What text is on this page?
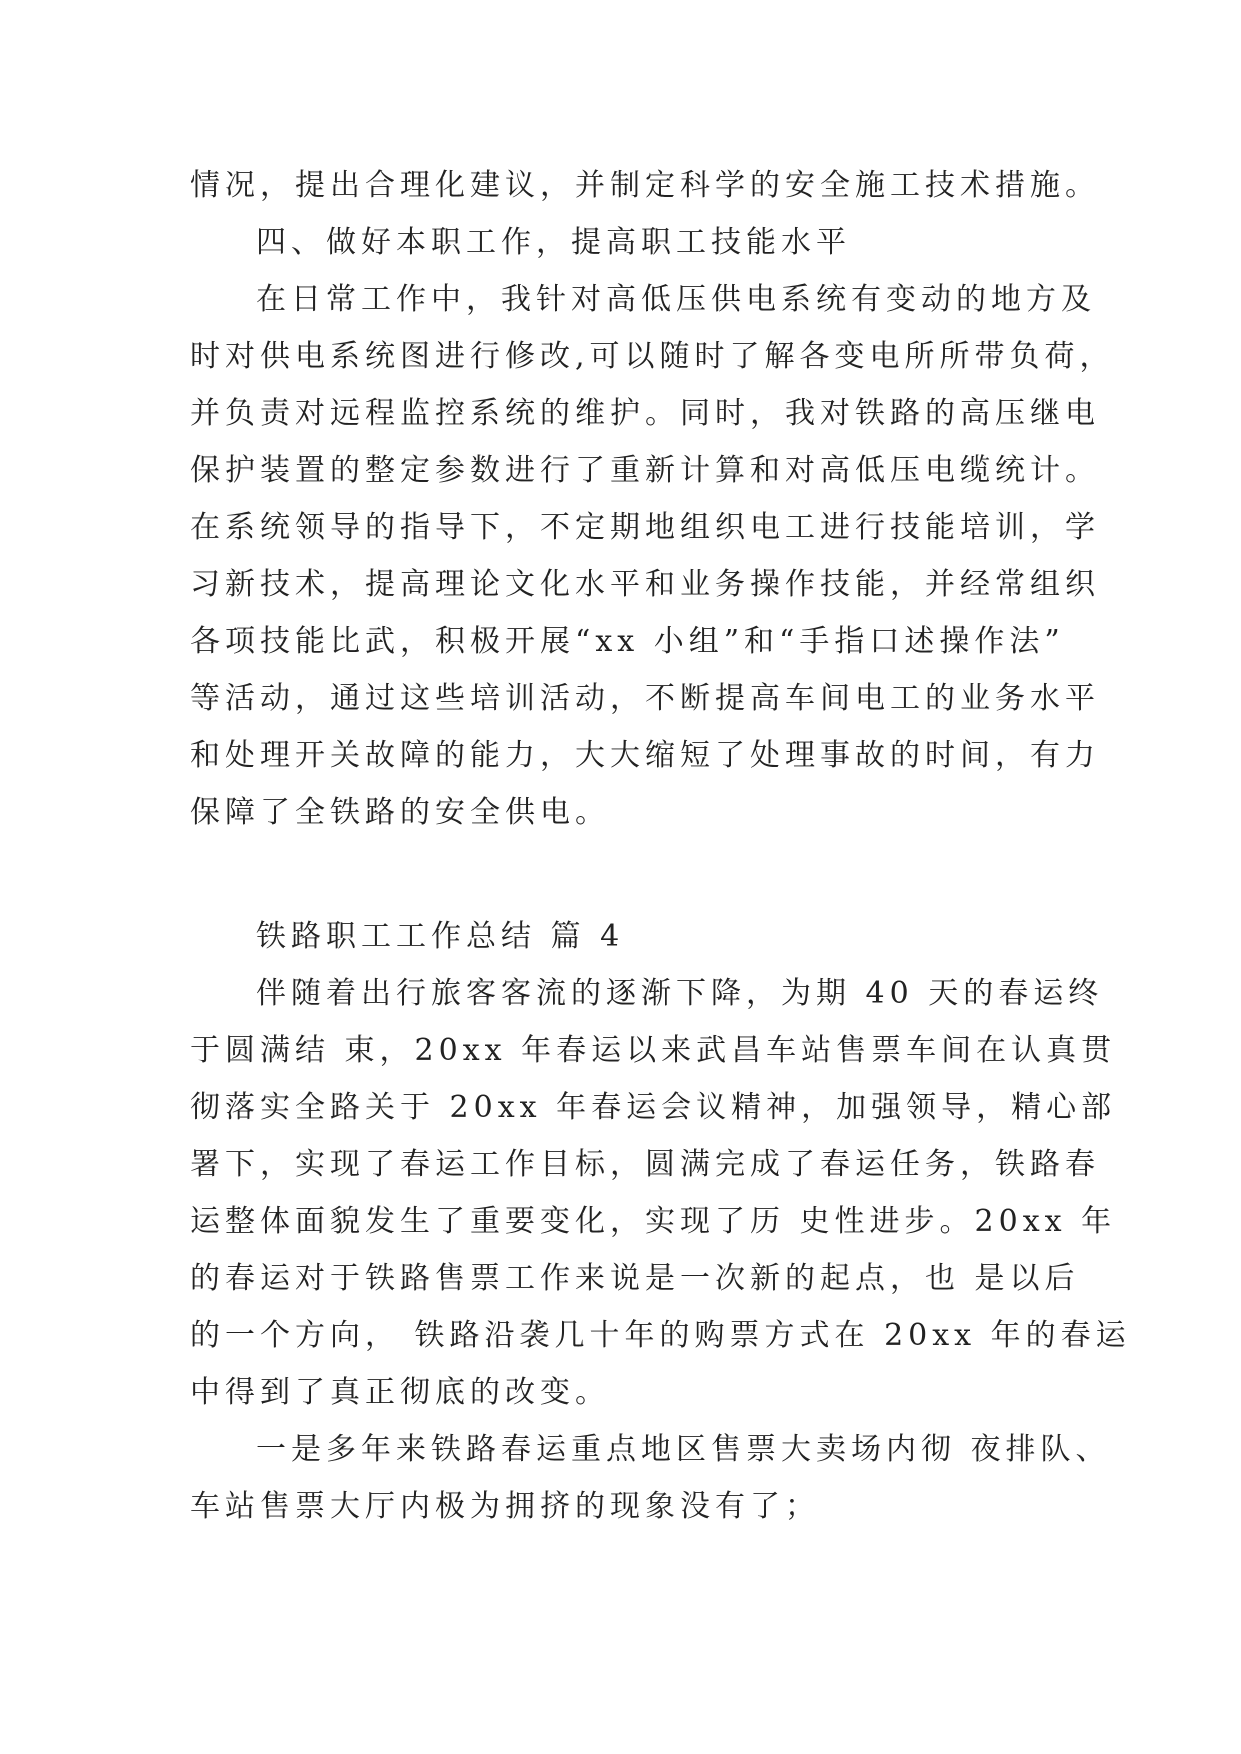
情况，提出合理化建议，并制定科学的安全施工技术措施。
四、做好本职工作，提高职工技能水平
在日常工作中，我针对高低压供电系统有变动的地方及
时对供电系统图进行修改,可以随时了解各变电所所带负荷，
并负责对远程监控系统的维护。同时，我对铁路的高压继电
保护装置的整定参数进行了重新计算和对高低压电缆统计。
在系统领导的指导下，不定期地组织电工进行技能培训，学
习新技术，提高理论文化水平和业务操作技能，并经常组织
各项技能比武，积极开展“xx 小组”和“手指口述操作法”
等活动，通过这些培训活动，不断提高车间电工的业务水平
和处理开关故障的能力，大大缩短了处理事故的时间，有力
保障了全铁路的安全供电。
铁路职工工作总结 篇 4
伴随着出行旅客客流的逐渐下降，为期 40 天的春运终
于圆满结 束，20xx 年春运以来武昌车站售票车间在认真贯
彻落实全路关于 20xx 年春运会议精神，加强领导，精心部
署下，实现了春运工作目标，圆满完成了春运任务，铁路春
运整体面貌发生了重要变化，实现了历 史性进步。20xx 年
的春运对于铁路售票工作来说是一次新的起点，也 是以后
的一个方向， 铁路沿袭几十年的购票方式在 20xx 年的春运
中得到了真正彻底的改变。
一是多年来铁路春运重点地区售票大卖场内彻 夜排队、
车站售票大厅内极为拥挤的现象没有了；
